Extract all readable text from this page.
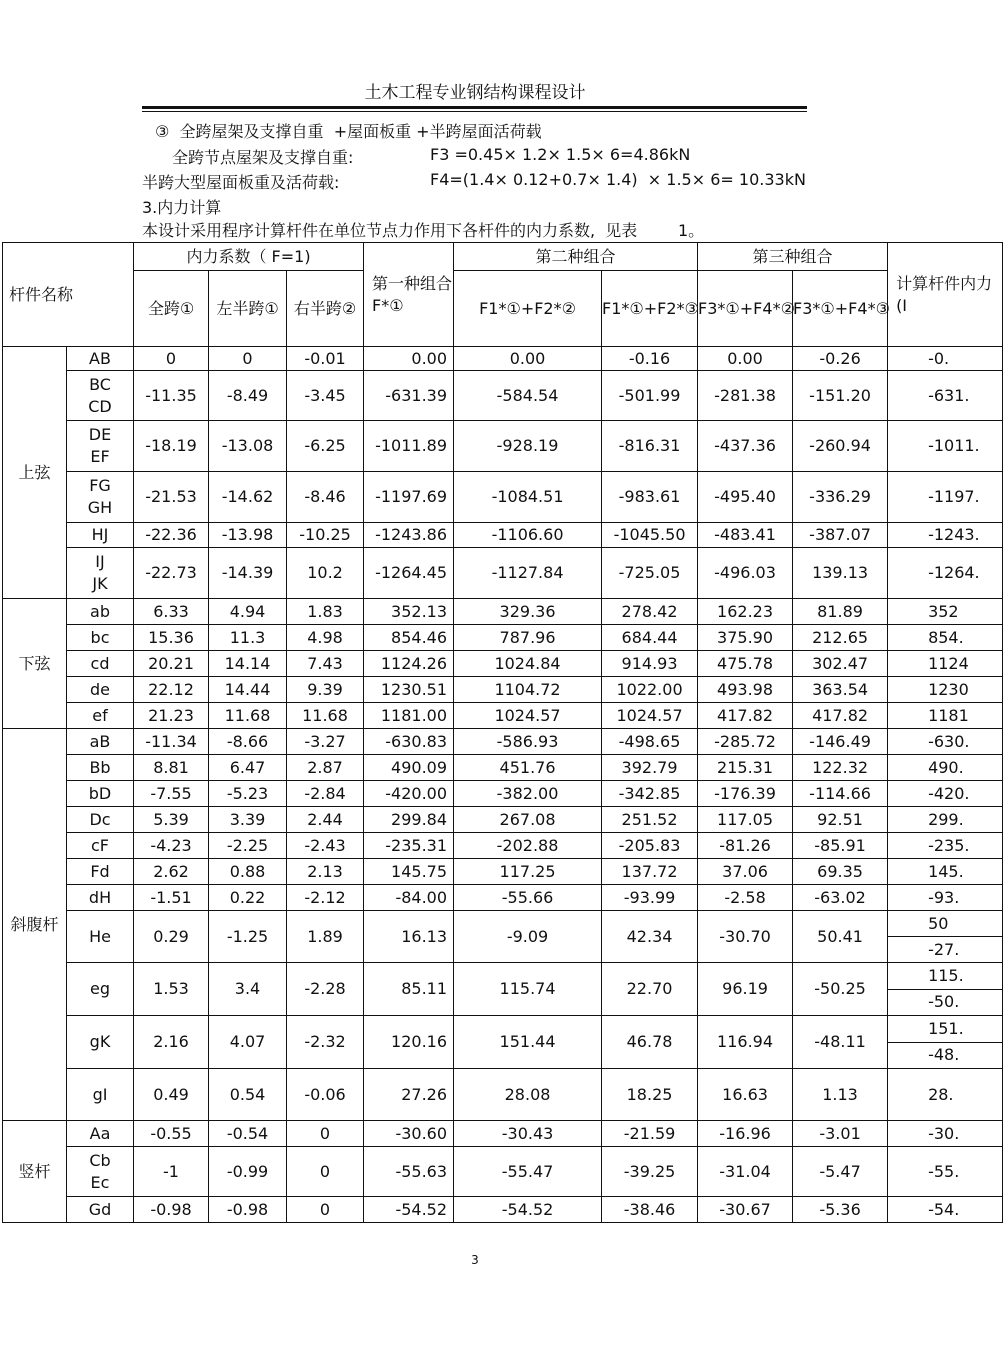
土木工程专业钢结构课程设计
③  全跨屋架及支撑自重  +屋面板重 +半跨屋面活荷载
全跨节点屋架及支撑自重:	F3 =0.45× 1.2× 1.5× 6=4.86kN
半跨大型屋面板重及活荷载:	F4=(1.4× 0.12+0.7× 1.4)  × 1.5× 6= 10.33kN
3.内力计算
本设计采用程序计算杆件在单位节点力作用下各杆件的内力系数,  见表        1。
杆件名称		内力系数（ F=1)			第一种组合 F*①	第二种组合		第三种组合		计算杆件内力(I
		全跨①	左半跨①	右半跨②		F1*①+F2*②	F1*①+F2*③	F3*①+F4*②	F3*①+F4*③	
上弦	AB	0	0	-0.01	0.00	0.00	-0.16	0.00	-0.26	-0.
	BC
CD	-11.35	-8.49	-3.45	-631.39	-584.54	-501.99	-281.38	-151.20	-631.
	DE
EF	-18.19	-13.08	-6.25	-1011.89	-928.19	-816.31	-437.36	-260.94	-1011.
	FG
GH	-21.53	-14.62	-8.46	-1197.69	-1084.51	-983.61	-495.40	-336.29	-1197.
	HJ	-22.36	-13.98	-10.25	-1243.86	-1106.60	-1045.50	-483.41	-387.07	-1243.
	IJ
JK	-22.73	-14.39	10.2	-1264.45	-1127.84	-725.05	-496.03	139.13	-1264.
下弦	ab	6.33	4.94	1.83	352.13	329.36	278.42	162.23	81.89	352
	bc	15.36	11.3	4.98	854.46	787.96	684.44	375.90	212.65	854.
	cd	20.21	14.14	7.43	1124.26	1024.84	914.93	475.78	302.47	1124
	de	22.12	14.44	9.39	1230.51	1104.72	1022.00	493.98	363.54	1230
	ef	21.23	11.68	11.68	1181.00	1024.57	1024.57	417.82	417.82	1181
斜腹杆	aB	-11.34	-8.66	-3.27	-630.83	-586.93	-498.65	-285.72	-146.49	-630.
	Bb	8.81	6.47	2.87	490.09	451.76	392.79	215.31	122.32	490.
	bD	-7.55	-5.23	-2.84	-420.00	-382.00	-342.85	-176.39	-114.66	-420.
	Dc	5.39	3.39	2.44	299.84	267.08	251.52	117.05	92.51	299.
	cF	-4.23	-2.25	-2.43	-235.31	-202.88	-205.83	-81.26	-85.91	-235.
	Fd	2.62	0.88	2.13	145.75	117.25	137.72	37.06	69.35	145.
	dH	-1.51	0.22	-2.12	-84.00	-55.66	-93.99	-2.58	-63.02	-93.
	He	0.29	-1.25	1.89	16.13	-9.09	42.34	-30.70	50.41	50
-27.

	eg	1.53	3.4	-2.28	85.11	115.74	22.70	96.19	-50.25	115.
-50.

	gK	2.16	4.07	-2.32	120.16	151.44	46.78	116.94	-48.11	151.
-48.

	gI	0.49	0.54	-0.06	27.26	28.08	18.25	16.63	1.13	28.
竖杆	Aa	-0.55	-0.54	0	-30.60	-30.43	-21.59	-16.96	-3.01	-30.
	Cb
Ec	-1	-0.99	0	-55.63	-55.47	-39.25	-31.04	-5.47	-55.
	Gd	-0.98	-0.98	0	-54.52	-54.52	-38.46	-30.67	-5.36	-54.
3
